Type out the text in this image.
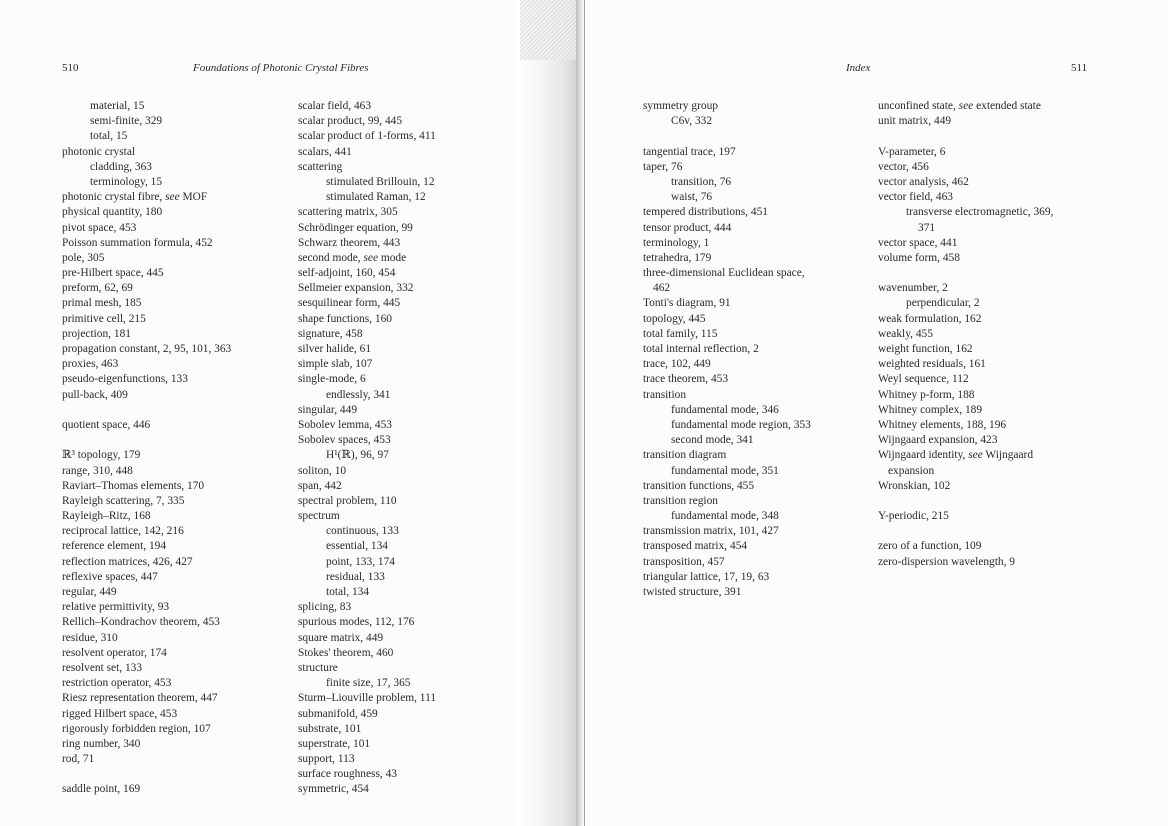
510	Foundations of Photonic Crystal Fibres	Index	511
material, 15
semi-finite, 329
total, 15
photonic crystal
cladding, 363
terminology, 15
photonic crystal fibre, see MOF
physical quantity, 180
pivot space, 453
Poisson summation formula, 452
pole, 305
pre-Hilbert space, 445
preform, 62, 69
primal mesh, 185
primitive cell, 215
projection, 181
propagation constant, 2, 95, 101, 363
proxies, 463
pseudo-eigenfunctions, 133
pull-back, 409
quotient space, 446
ℝ³ topology, 179
range, 310, 448
Raviart–Thomas elements, 170
Rayleigh scattering, 7, 335
Rayleigh–Ritz, 168
reciprocal lattice, 142, 216
reference element, 194
reflection matrices, 426, 427
reflexive spaces, 447
regular, 449
relative permittivity, 93
Rellich–Kondrachov theorem, 453
residue, 310
resolvent operator, 174
resolvent set, 133
restriction operator, 453
Riesz representation theorem, 447
rigged Hilbert space, 453
rigorously forbidden region, 107
ring number, 340
rod, 71
saddle point, 169
scalar field, 463
scalar product, 99, 445
scalar product of 1-forms, 411
scalars, 441
scattering
stimulated Brillouin, 12
stimulated Raman, 12
scattering matrix, 305
Schrödinger equation, 99
Schwarz theorem, 443
second mode, see mode
self-adjoint, 160, 454
Sellmeier expansion, 332
sesquilinear form, 445
shape functions, 160
signature, 458
silver halide, 61
simple slab, 107
single-mode, 6
endlessly, 341
singular, 449
Sobolev lemma, 453
Sobolev spaces, 453
H¹(ℝ), 96, 97
soliton, 10
span, 442
spectral problem, 110
spectrum
continuous, 133
essential, 134
point, 133, 174
residual, 133
total, 134
splicing, 83
spurious modes, 112, 176
square matrix, 449
Stokes' theorem, 460
structure
finite size, 17, 365
Sturm–Liouville problem, 111
submanifold, 459
substrate, 101
superstrate, 101
support, 113
surface roughness, 43
symmetric, 454
symmetry group
C6v, 332
tangential trace, 197
taper, 76
transition, 76
waist, 76
tempered distributions, 451
tensor product, 444
terminology, 1
tetrahedra, 179
three-dimensional Euclidean space,
462
Tonti's diagram, 91
topology, 445
total family, 115
total internal reflection, 2
trace, 102, 449
trace theorem, 453
transition
fundamental mode, 346
fundamental mode region, 353
second mode, 341
transition diagram
fundamental mode, 351
transition functions, 455
transition region
fundamental mode, 348
transmission matrix, 101, 427
transposed matrix, 454
transposition, 457
triangular lattice, 17, 19, 63
twisted structure, 391
unconfined state, see extended state
unit matrix, 449
V-parameter, 6
vector, 456
vector analysis, 462
vector field, 463
transverse electromagnetic, 369,
371
vector space, 441
volume form, 458
wavenumber, 2
perpendicular, 2
weak formulation, 162
weakly, 455
weight function, 162
weighted residuals, 161
Weyl sequence, 112
Whitney p-form, 188
Whitney complex, 189
Whitney elements, 188, 196
Wijngaard expansion, 423
Wijngaard identity, see Wijngaard
expansion
Wronskian, 102
Y-periodic, 215
zero of a function, 109
zero-dispersion wavelength, 9
